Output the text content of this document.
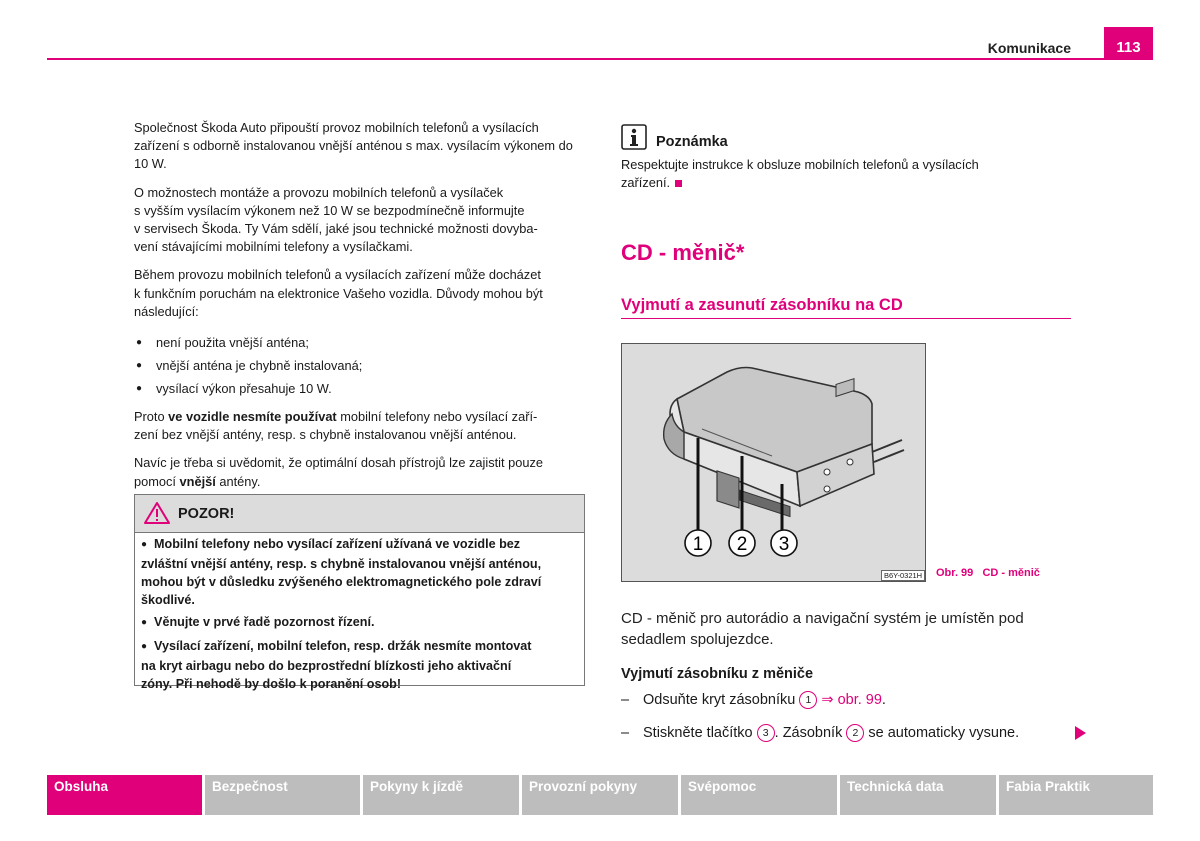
Komunikace	113

Společnost Škoda Auto připouští provoz mobilních telefonů a vysílacích zařízení s odborně instalovanou vnější anténou s max. vysílacím výkonem do 10 W.

O možnostech montáže a provozu mobilních telefonů a vysílaček
s vyšším vysílacím výkonem než 10 W se bezpodmínečně informujte
v servisech Škoda. Ty Vám sdělí, jaké jsou technické možnosti dovyba-
vení stávajícími mobilními telefony a vysílačkami.

Během provozu mobilních telefonů a vysílacích zařízení může docházet
k funkčním poruchám na elektronice Vašeho vozidla. Důvody mohou být
následující:

● není použita vnější anténa;
● vnější anténa je chybně instalovaná;
● vysílací výkon přesahuje 10 W.

Proto ve vozidle nesmíte používat mobilní telefony nebo vysílací zaří-
zení bez vnější antény, resp. s chybně instalovanou vnější anténou.

Navíc je třeba si uvědomit, že optimální dosah přístrojů lze zajistit pouze
pomocí vnější antény.

POZOR!

● Mobilní telefony nebo vysílací zařízení užívaná ve vozidle bez
zvláštní vnější antény, resp. s chybně instalovanou vnější anténou,
mohou být v důsledku zvýšeného elektromagnetického pole zdraví
škodlivé.

● Věnujte v prvé řadě pozornost řízení.

● Vysílací zařízení, mobilní telefon, resp. držák nesmíte montovat
na kryt airbagu nebo do bezprostřední blízkosti jeho aktivační
zóny. Při nehodě by došlo k poranění osob!

Poznámka
Respektujte instrukce k obsluze mobilních telefonů a vysílacích
zařízení.
CD - měnič*
Vyjmutí a zasunutí zásobníku na CD
1 2 3
B6Y-0321H Obr. 99   CD - měnič
CD - měnič pro autorádio a navigační systém je umístěn pod
sedadlem spolujezdce.
Vyjmutí zásobníku z měniče
– Odsuňte kryt zásobníku 1 ⇒ obr. 99.
– Stiskněte tlačítko 3 . Zásobník 2 se automaticky vysune.
Obsluha	Bezpečnost	Pokyny k jízdě	Provozní pokyny	Svépomoc	Technická data	Fabia Praktik
